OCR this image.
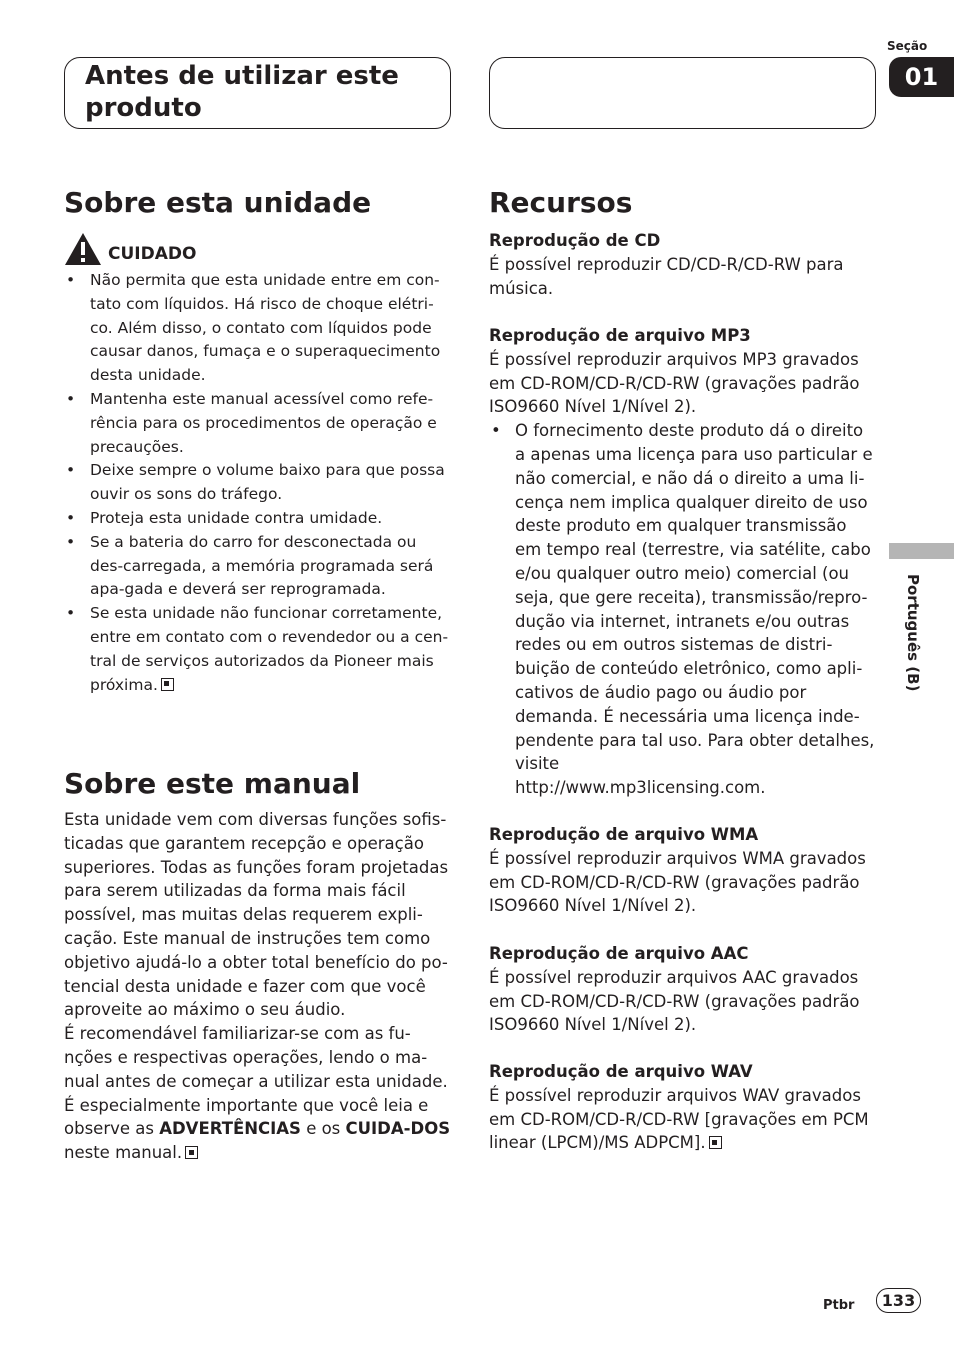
Antes de utilizar este produto
Seção
01
Sobre esta unidade
CUIDADO
• Não permita que esta unidade entre em con-tato com líquidos. Há risco de choque elétri-co. Além disso, o contato com líquidos pode causar danos, fumaça e o superaquecimento desta unidade.
• Mantenha este manual acessível como refe-rência para os procedimentos de operação e precauções.
• Deixe sempre o volume baixo para que possa ouvir os sons do tráfego.
• Proteja esta unidade contra umidade.
• Se a bateria do carro for desconectada ou des-carregada, a memória programada será apa-gada e deverá ser reprogramada.
• Se esta unidade não funcionar corretamente, entre em contato com o revendedor ou a cen-tral de serviços autorizados da Pioneer mais próxima.
Sobre este manual
Esta unidade vem com diversas funções sofis-ticadas que garantem recepção e operação superiores. Todas as funções foram projetadas para serem utilizadas da forma mais fácil possível, mas muitas delas requerem expli-cação. Este manual de instruções tem como objetivo ajudá-lo a obter total benefício do po-tencial desta unidade e fazer com que você aproveite ao máximo o seu áudio.
É recomendável familiarizar-se com as fu-nções e respectivas operações, lendo o ma-nual antes de começar a utilizar esta unidade. É especialmente importante que você leia e observe as ADVERTÊNCIAS e os CUIDA-DOS neste manual.
Recursos
Reprodução de CD
É possível reproduzir CD/CD-R/CD-RW para música.
Reprodução de arquivo MP3
É possível reproduzir arquivos MP3 gravados em CD-ROM/CD-R/CD-RW (gravações padrão ISO9660 Nível 1/Nível 2).
• O fornecimento deste produto dá o direito a apenas uma licença para uso particular e não comercial, e não dá o direito a uma li-cença nem implica qualquer direito de uso deste produto em qualquer transmissão em tempo real (terrestre, via satélite, cabo e/ou qualquer outro meio) comercial (ou seja, que gere receita), transmissão/repro-dução via internet, intranets e/ou outras redes ou em outros sistemas de distri-buição de conteúdo eletrônico, como apli-cativos de áudio pago ou áudio por demanda. É necessária uma licença inde-pendente para tal uso. Para obter detalhes, visite
http://www.mp3licensing.com.
Reprodução de arquivo WMA
É possível reproduzir arquivos WMA gravados em CD-ROM/CD-R/CD-RW (gravações padrão ISO9660 Nível 1/Nível 2).
Reprodução de arquivo AAC
É possível reproduzir arquivos AAC gravados em CD-ROM/CD-R/CD-RW (gravações padrão ISO9660 Nível 1/Nível 2).
Reprodução de arquivo WAV
É possível reproduzir arquivos WAV gravados em CD-ROM/CD-R/CD-RW [gravações em PCM linear (LPCM)/MS ADPCM].
Português (B)
Ptbr	133
